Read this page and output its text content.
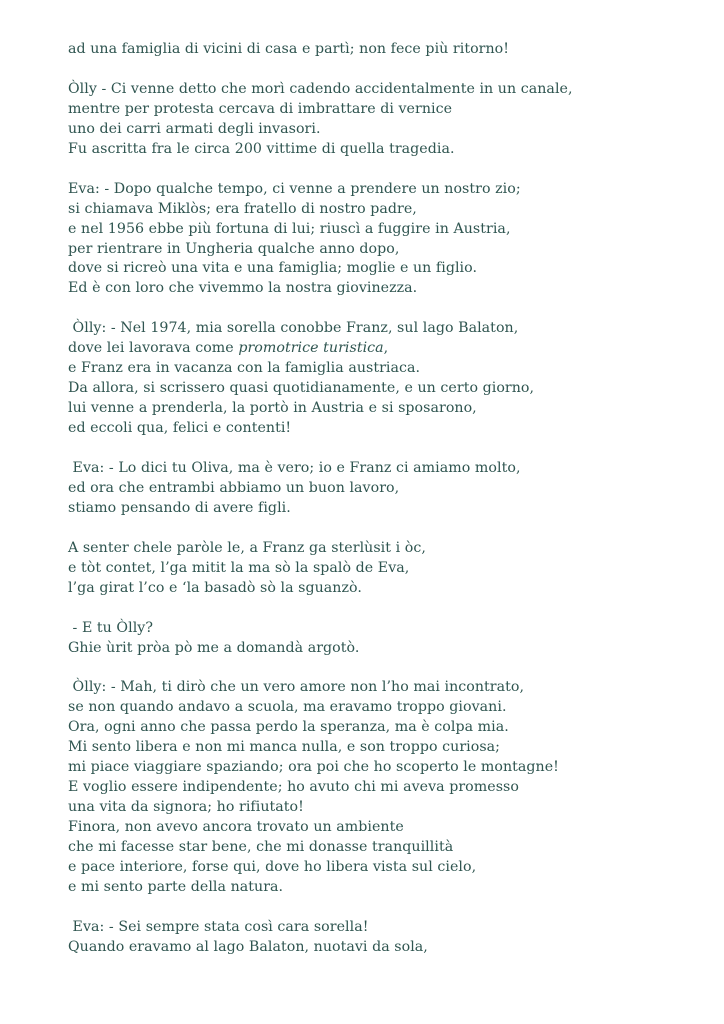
ad una famiglia di vicini di casa e partì; non fece più ritorno!
Òlly - Ci venne detto che morì cadendo accidentalmente in un canale,
mentre per protesta cercava di imbrattare di vernice
uno dei carri armati degli invasori.
Fu ascritta fra le circa 200 vittime di quella tragedia.
Eva: - Dopo qualche tempo, ci venne a prendere un nostro zio;
si chiamava Miklòs; era fratello di nostro padre,
e nel 1956 ebbe più fortuna di lui; riuscì a fuggire in Austria,
per rientrare in Ungheria qualche anno dopo,
dove si ricreò una vita e una famiglia; moglie e un figlio.
Ed è con loro che vivemmo la nostra giovinezza.
Òlly: - Nel 1974, mia sorella conobbe Franz, sul lago Balaton,
dove lei lavorava come promotrice turistica,
e Franz era in vacanza con la famiglia austriaca.
Da allora, si scrissero quasi quotidianamente, e un certo giorno,
lui venne a prenderla, la portò in Austria e si sposarono,
ed eccoli qua, felici e contenti!
Eva: - Lo dici tu Oliva, ma è vero; io e Franz ci amiamo molto,
ed ora che entrambi abbiamo un buon lavoro,
stiamo pensando di avere figli.
A senter chele paròle le, a Franz ga sterlùsit i òc,
e tòt contet, l’ga mitit la ma sò la spalò de Eva,
l’ga girat l’co e ‘la basadò sò la sguanzò.
- E tu Òlly?
Ghie ùrit pròa pò me a domandà argotò.
Òlly: - Mah, ti dirò che un vero amore non l’ho mai incontrato,
se non quando andavo a scuola, ma eravamo troppo giovani.
Ora, ogni anno che passa perdo la speranza, ma è colpa mia.
Mi sento libera e non mi manca nulla, e son troppo curiosa;
mi piace viaggiare spaziando; ora poi che ho scoperto le montagne!
E voglio essere indipendente; ho avuto chi mi aveva promesso
una vita da signora; ho rifiutato!
Finora, non avevo ancora trovato un ambiente
che mi facesse star bene, che mi donasse tranquillità
e pace interiore, forse qui, dove ho libera vista sul cielo,
e mi sento parte della natura.
Eva: - Sei sempre stata così cara sorella!
Quando eravamo al lago Balaton, nuotavi da sola,
